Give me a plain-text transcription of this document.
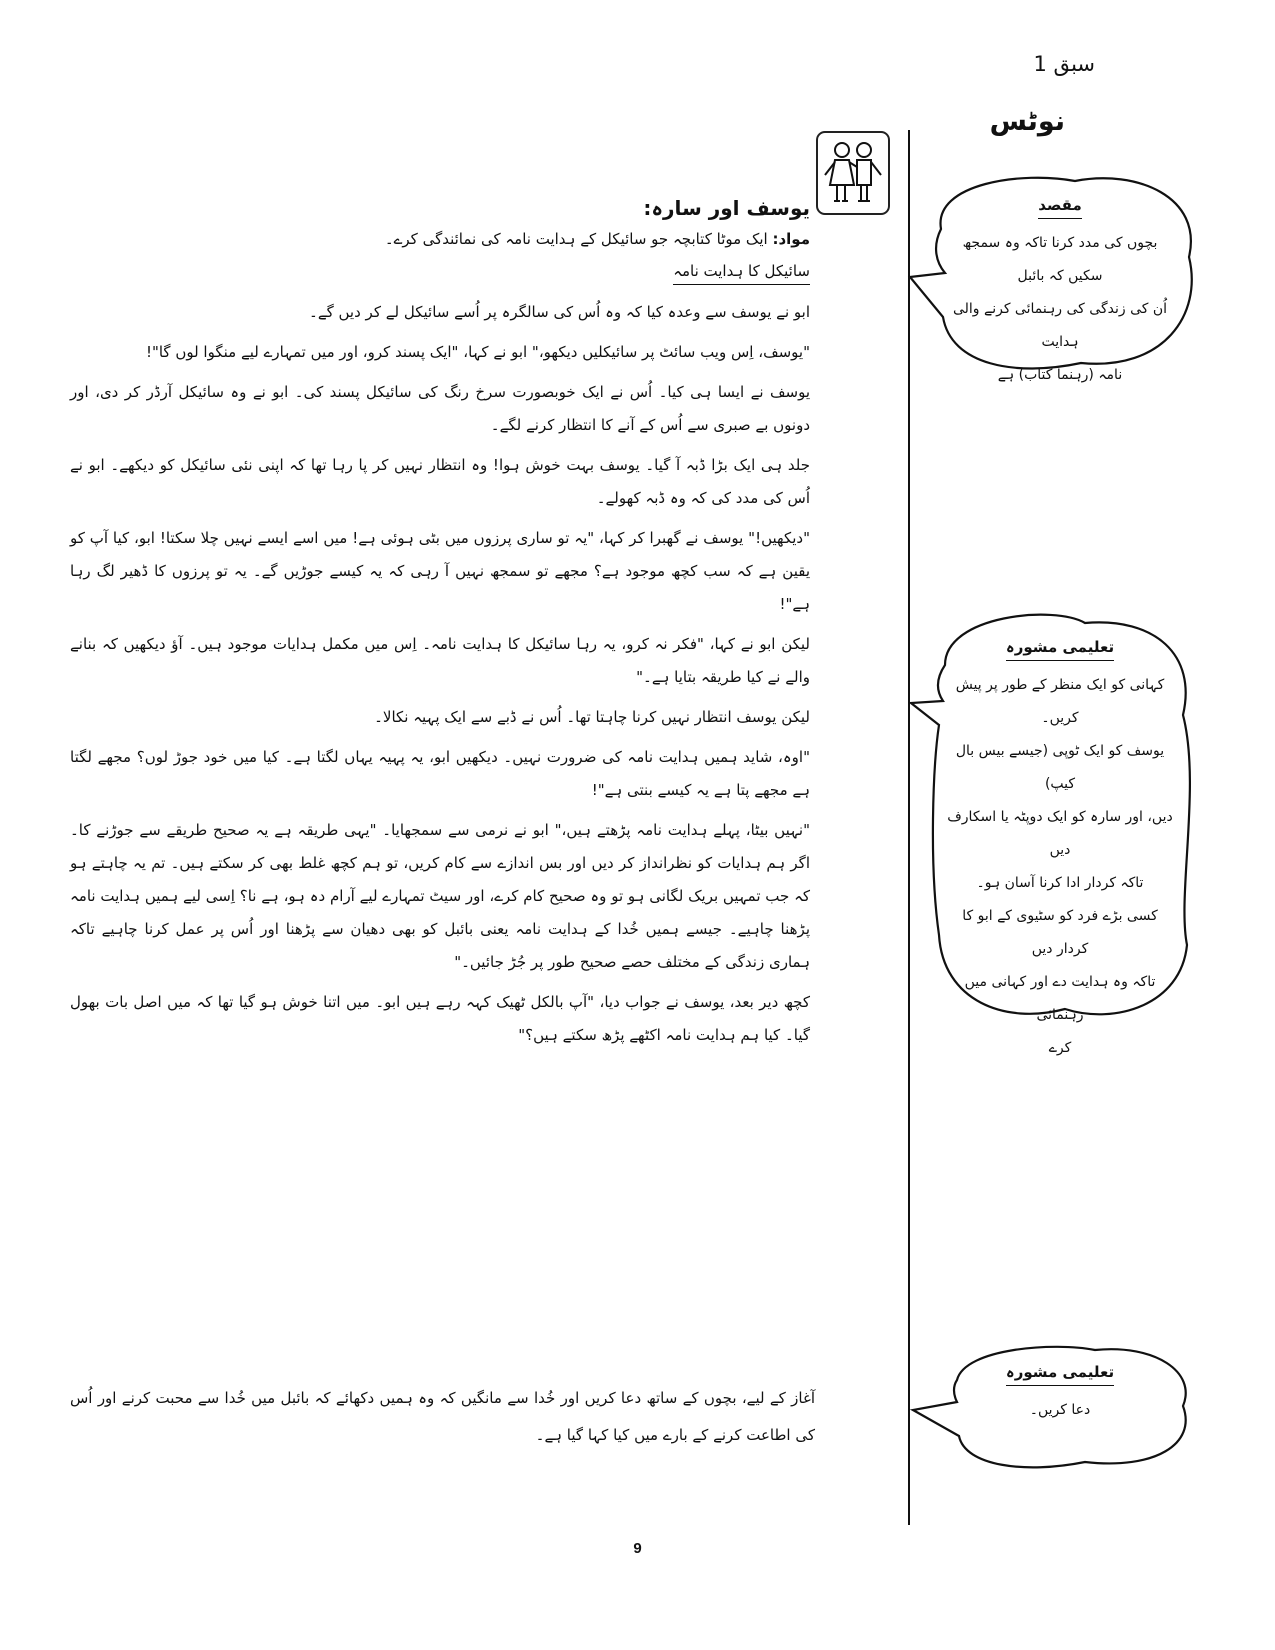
سبق 1
نوٹس
یوسف اور سارہ:
مواد: ایک موٹا کتابچہ جو سائیکل کے ہدایت نامہ کی نمائندگی کرے۔
سائیکل کا ہدایت نامہ

ابو نے یوسف سے وعدہ کیا کہ وہ اُس کی سالگرہ پر اُسے سائیکل لے کر دیں گے۔

"یوسف، اِس ویب سائٹ پر سائیکلیں دیکھو،" ابو نے کہا، "ایک پسند کرو، اور میں تمہارے لیے منگوا لوں گا"!

یوسف نے ایسا ہی کیا۔ اُس نے ایک خوبصورت سرخ رنگ کی سائیکل پسند کی۔ ابو نے وہ سائیکل آرڈر کر دی، اور دونوں بے صبری سے اُس کے آنے کا انتظار کرنے لگے۔

جلد ہی ایک بڑا ڈبہ آ گیا۔ یوسف بہت خوش ہوا! وہ انتظار نہیں کر پا رہا تھا کہ اپنی نئی سائیکل کو دیکھے۔ ابو نے اُس کی مدد کی کہ وہ ڈبہ کھولے۔

"دیکھیں!" یوسف نے گھبرا کر کہا، "یہ تو ساری پرزوں میں بٹی ہوئی ہے! میں اسے ایسے نہیں چلا سکتا! ابو، کیا آپ کو یقین ہے کہ سب کچھ موجود ہے؟ مجھے تو سمجھ نہیں آ رہی کہ یہ کیسے جوڑیں گے۔ یہ تو پرزوں کا ڈھیر لگ رہا ہے"!

لیکن ابو نے کہا، "فکر نہ کرو، یہ رہا سائیکل کا ہدایت نامہ۔ اِس میں مکمل ہدایات موجود ہیں۔ آؤ دیکھیں کہ بنانے والے نے کیا طریقہ بتایا ہے۔"

لیکن یوسف انتظار نہیں کرنا چاہتا تھا۔ اُس نے ڈبے سے ایک پہیہ نکالا۔

"اوہ، شاید ہمیں ہدایت نامہ کی ضرورت نہیں۔ دیکھیں ابو، یہ پہیہ یہاں لگتا ہے۔ کیا میں خود جوڑ لوں؟ مجھے لگتا ہے مجھے پتا ہے یہ کیسے بنتی ہے"!

"نہیں بیٹا، پہلے ہدایت نامہ پڑھتے ہیں،" ابو نے نرمی سے سمجھایا۔ "یہی طریقہ ہے یہ صحیح طریقے سے جوڑنے کا۔ اگر ہم ہدایات کو نظرانداز کر دیں اور بس اندازے سے کام کریں، تو ہم کچھ غلط بھی کر سکتے ہیں۔ تم یہ چاہتے ہو کہ جب تمہیں بریک لگانی ہو تو وہ صحیح کام کرے، اور سیٹ تمہارے لیے آرام دہ ہو، ہے نا؟ اِسی لیے ہمیں ہدایت نامہ پڑھنا چاہیے۔ جیسے ہمیں خُدا کے ہدایت نامہ یعنی بائبل کو بھی دھیان سے پڑھنا اور اُس پر عمل کرنا چاہیے تاکہ ہماری زندگی کے مختلف حصے صحیح طور پر جُڑ جائیں۔"

کچھ دیر بعد، یوسف نے جواب دیا، "آپ بالکل ٹھیک کہہ رہے ہیں ابو۔ میں اتنا خوش ہو گیا تھا کہ میں اصل بات بھول گیا۔ کیا ہم ہدایت نامہ اکٹھے پڑھ سکتے ہیں؟"

آغاز کے لیے، بچوں کے ساتھ دعا کریں اور خُدا سے مانگیں کہ وہ ہمیں دکھائے کہ بائبل میں خُدا سے محبت کرنے اور اُس کی اطاعت کرنے کے بارے میں کیا کہا گیا ہے۔

مقصد

بچوں کی مدد کرنا تاکہ وہ سمجھ سکیں کہ بائبل

اُن کی زندگی کی رہنمائی کرنے والی ہدایت

نامہ (رہنما کتاب) ہے

تعلیمی مشورہ

کہانی کو ایک منظر کے طور پر پیش کریں۔

یوسف کو ایک ٹوپی (جیسے بیس بال کیپ)

دیں، اور سارہ کو ایک دوپٹہ یا اسکارف دیں

تاکہ کردار ادا کرنا آسان ہو۔

کسی بڑے فرد کو سٹیوی کے ابو کا کردار دیں

تاکہ وہ ہدایت دے اور کہانی میں رہنمائی

کرے

تعلیمی مشورہ

دعا کریں۔

9
